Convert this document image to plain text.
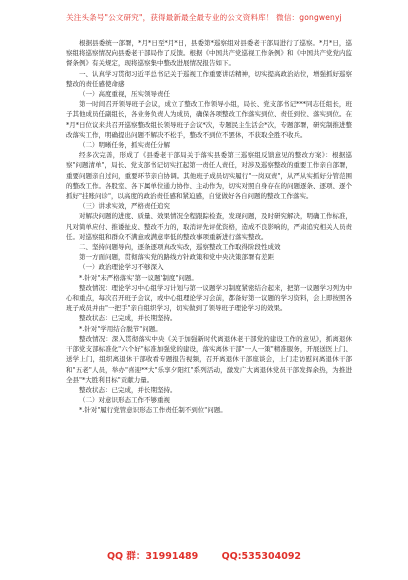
关注头条号"公文研究"，获得最新最全最专业的公文资料库！ 微信：gongwenyj

根据县委统一部署，*月*日至*月*日，县委第*巡察组对县委老干部局进行了巡察。*月*日，巡察组将巡察情况向县委老干部局作了反馈。根据《中国共产党巡视工作条例》和《中国共产党党内监督条例》有关规定，现将巡察集中整改进展情况报告如下。

一、认真学习贯彻习近平总书记关于巡视工作重要讲话精神，切实提高政治站位，增强抓好巡察整改的责任感使命感

（一）高度重视，压实领导责任

第一时间召开领导班子会议，成立了整改工作领导小组，局长、党支部书记***同志任组长，班子其他成员任副组长，各业务负责人为成员，确保各项整改工作落实到位、责任到位、落实到位。在*月*日位议来共召开巡察整改组长领导班子会议*次，专题民主生活会*次，专题部署，研究制推进整改落实工作，明确提出问题不解决不松手，整改不到位不罢休，不获取全胜不收兵。

（二）明晰任务，抓实责任分解

经多次完善，形成了《县委老干部局关于落实县委第三巡察组反馈意见的整改方案》：根据巡察"问题清单"，局长、党支部书记切实扛起第一责任人责任，对涉及巡察整改的重要工作亲自部署，重要问题亲自过问，重要环节亲自协调。其他班子成员切实履行"一岗双责"，从严从实抓好分管范围的整改工作。各股室、各下属单位通力协作、主动作为，切实对照自身存在的问题逐条、逐项、逐个抓好"挂账问诊"，以高度的政治责任感和紧迫感，自觉做好各自问题的整改工作落实。

（三）讲求实效，严格责任追究

对解决问题的进度、质量、效果情况全程跟踪检查，发现问题，及时研究解决，明确工作标准，凡对简单应付、推诿扯皮、整改不力的，取消评先评优资格，造成不良影响的，严肃追究相关人员责任。对巡察组和群众不满意或满意率低的整改事项重新进行落实整改。

二、坚持问题导向，逐条逐项真改实改，巡察整改工作取得阶段性成效

第一方面问题，贯彻落实党的路线方针政策和党中央决策部署有差距

（一）政治理论学习不够深入

*.针对"未严格落实'第一议题'制度"问题。

整改情况：理论学习中心组学习计划与第一议题学习制度紧密结合起来，把第一议题学习列为中心和重点，每次召开班子会议，或中心组理论学习会前，都备好第一议题的学习资料，会上即按照各班子成员并由"一把手"亲自组织学习，切实做到了领导班子理论学习的效果。

整改状态：已完成，并长期坚持。

*.针对"学用结合脱节"问题。

整改情况：深入贯彻落实中央《关于加强新时代离退休老干部党的建设工作的意见》，抓离退休干部党支部标准化"六个好"标准加强党的建设，落实离休干部"一人一策"精准服务，开展送医上门、送学上门，组织离退休干部收看专题报告视频，召开离退休干部座谈会，上门走访慰问离退休干部和"五老"人员，举办"喜迎**大"乐享夕阳红"系列活动，激发广大离退休党员干部发挥余热，为推进全县"*大胜利目标"贡献力量。

整改状态：已完成，并长期坚持。

（二）对意识形态工作不够重视

*.针对"履行党管意识形态工作责任制不到位"问题。

QQ 群：31991489 QQ:535304092
